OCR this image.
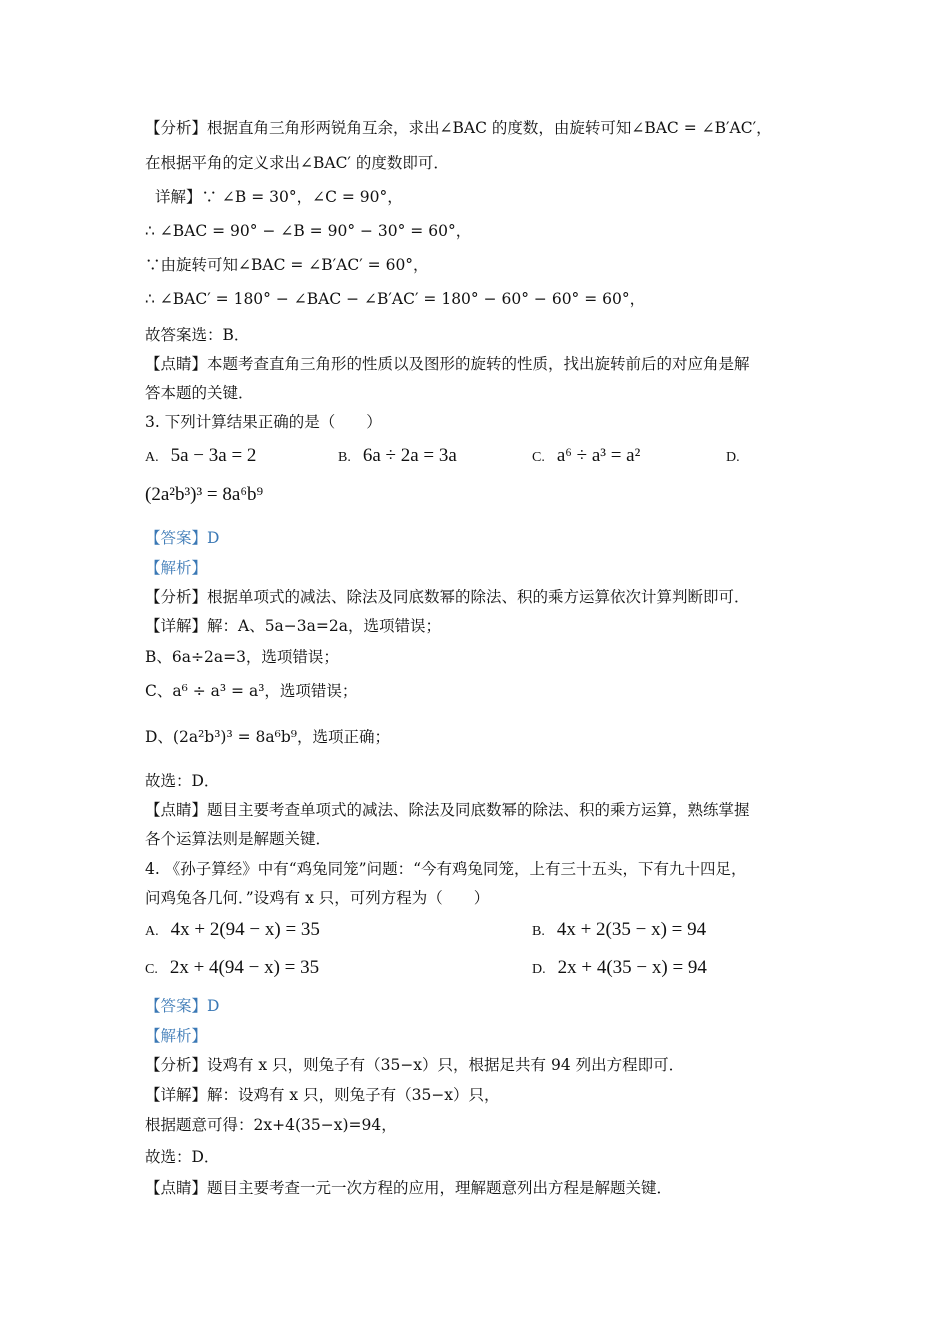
【分析】根据直角三角形两锐角互余，求出∠BAC 的度数，由旋转可知∠BAC = ∠B′AC′，
在根据平角的定义求出∠BAC′ 的度数即可．
详解】∵ ∠B = 30°，∠C = 90°，
∴ ∠BAC = 90° − ∠B = 90° − 30° = 60°，
∵由旋转可知∠BAC = ∠B′AC′ = 60°，
∴ ∠BAC′ = 180° − ∠BAC − ∠B′AC′ = 180° − 60° − 60° = 60°，
故答案选：B．
【点睛】本题考查直角三角形的性质以及图形的旋转的性质，找出旋转前后的对应角是解
答本题的关键．
3. 下列计算结果正确的是（　　）
A. 5a − 3a = 2	B. 6a ÷ 2a = 3a	C. a⁶ ÷ a³ = a²	D.
(2a²b³)³ = 8a⁶b⁹
【答案】D
【解析】
【分析】根据单项式的减法、除法及同底数幂的除法、积的乘方运算依次计算判断即可．
【详解】解：A、5a−3a=2a，选项错误；
B、6a÷2a=3，选项错误；
C、a⁶ ÷ a³ = a³，选项错误；
D、(2a²b³)³ = 8a⁶b⁹，选项正确；
故选：D．
【点睛】题目主要考查单项式的减法、除法及同底数幂的除法、积的乘方运算，熟练掌握
各个运算法则是解题关键．
4. 《孙子算经》中有“鸡兔同笼”问题：“今有鸡兔同笼，上有三十五头，下有九十四足，
问鸡兔各几何．”设鸡有 x 只，可列方程为（　　）
A. 4x + 2(94 − x) = 35	B. 4x + 2(35 − x) = 94
C. 2x + 4(94 − x) = 35	D. 2x + 4(35 − x) = 94
【答案】D
【解析】
【分析】设鸡有 x 只，则兔子有（35−x）只，根据足共有 94 列出方程即可．
【详解】解：设鸡有 x 只，则兔子有（35−x）只，
根据题意可得：2x+4(35−x)=94，
故选：D．
【点睛】题目主要考查一元一次方程的应用，理解题意列出方程是解题关键．
